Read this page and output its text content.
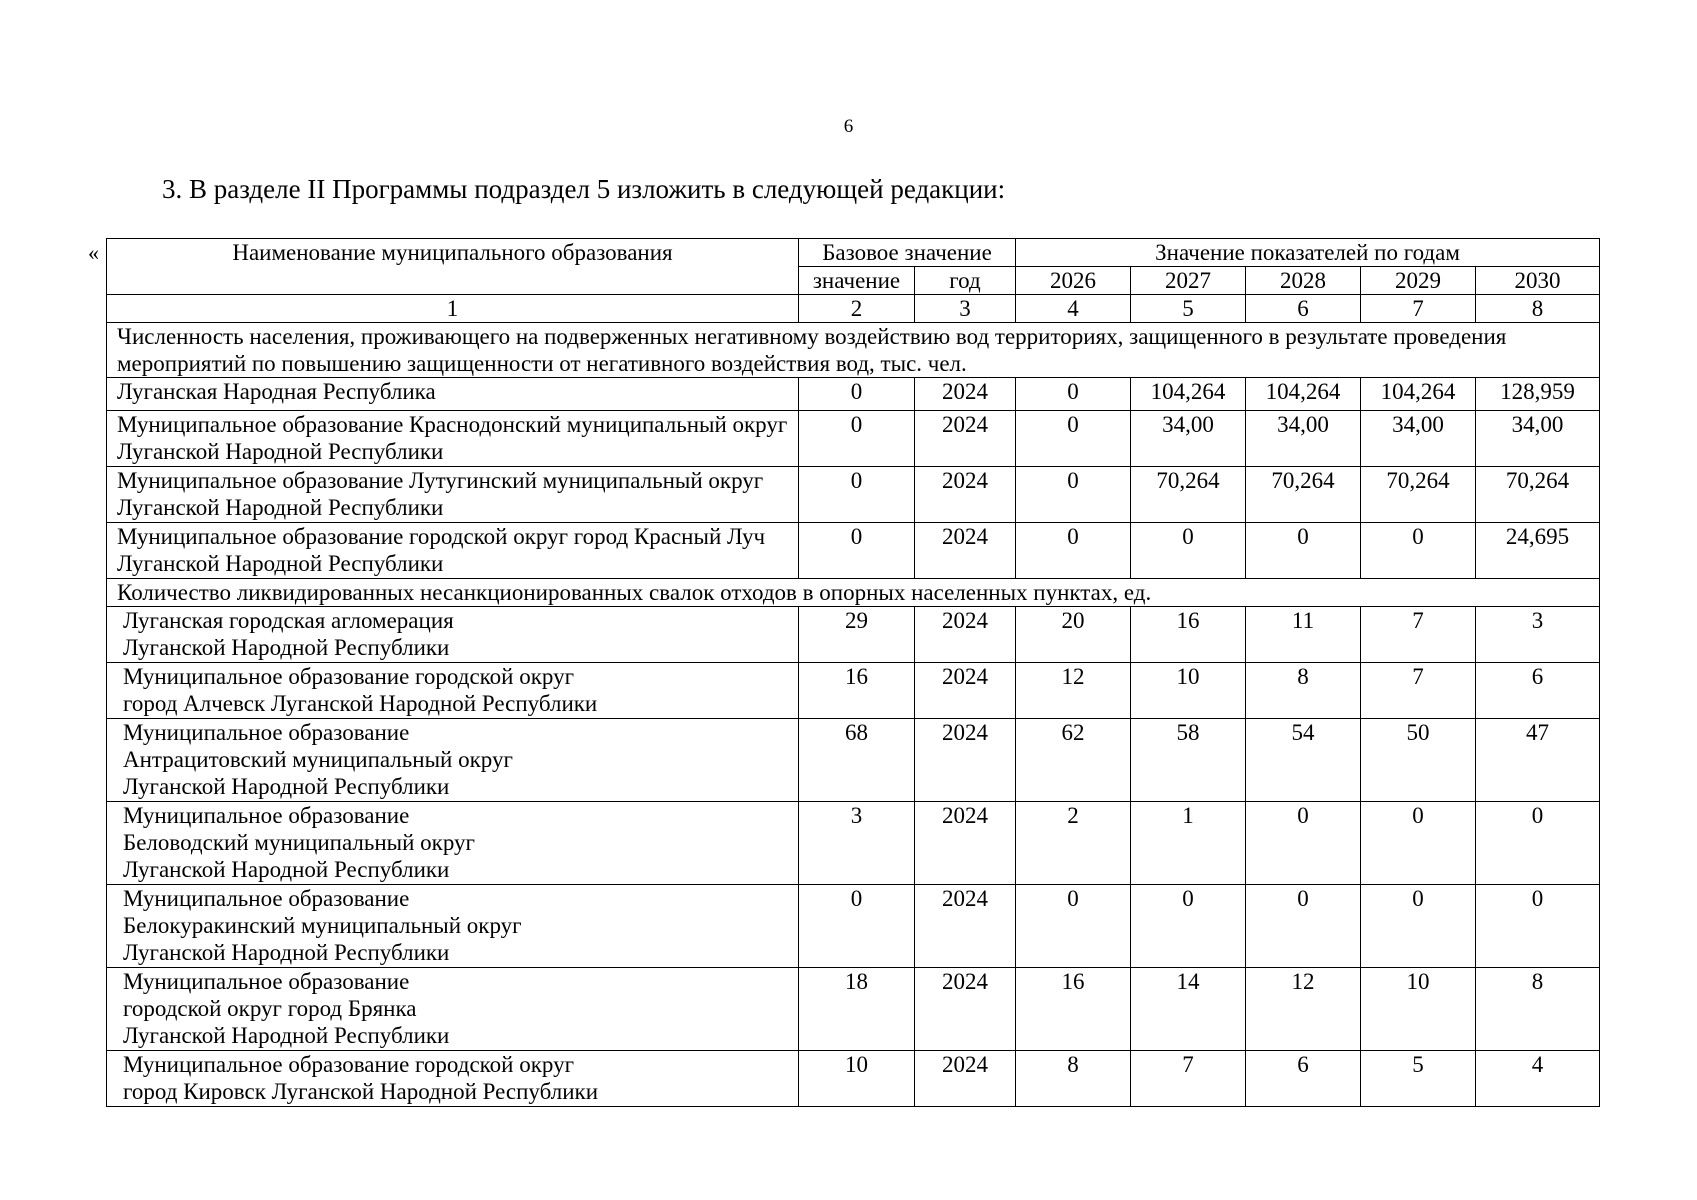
6
3. В разделе II Программы подраздел 5 изложить в следующей редакции:
«	Наименование муниципального образования	Базовое значение		Значение показателей по годам				
	значение	год	2026	2027	2028	2029	2030
1	2	3	4	5	6	7	8
Численность населения, проживающего на подверженных негативному воздействию вод территориях, защищенного в результате проведения мероприятий по повышению защищенности от негативного воздействия вод, тыс. чел.							
Луганская Народная Республика	0	2024	0	104,264	104,264	104,264	128,959
Муниципальное образование Краснодонский муниципальный округ Луганской Народной Республики	0	2024	0	34,00	34,00	34,00	34,00
Муниципальное образование Лутугинский муниципальный округ Луганской Народной Республики	0	2024	0	70,264	70,264	70,264	70,264
Муниципальное образование городской округ город Красный Луч Луганской Народной Республики	0	2024	0	0	0	0	24,695
Количество ликвидированных несанкционированных свалок отходов в опорных населенных пунктах, ед.							
Луганская городская агломерация
Луганской Народной Республики	29	2024	20	16	11	7	3
Муниципальное образование городской округ
город Алчевск Луганской Народной Республики	16	2024	12	10	8	7	6
Муниципальное образование
Антрацитовский муниципальный округ
Луганской Народной Республики	68	2024	62	58	54	50	47
Муниципальное образование
Беловодский муниципальный округ
Луганской Народной Республики	3	2024	2	1	0	0	0
Муниципальное образование
Белокуракинский муниципальный округ
Луганской Народной Республики	0	2024	0	0	0	0	0
Муниципальное образование
городской округ город Брянка
Луганской Народной Республики	18	2024	16	14	12	10	8
Муниципальное образование городской округ
город Кировск Луганской Народной Республики	10	2024	8	7	6	5	4
